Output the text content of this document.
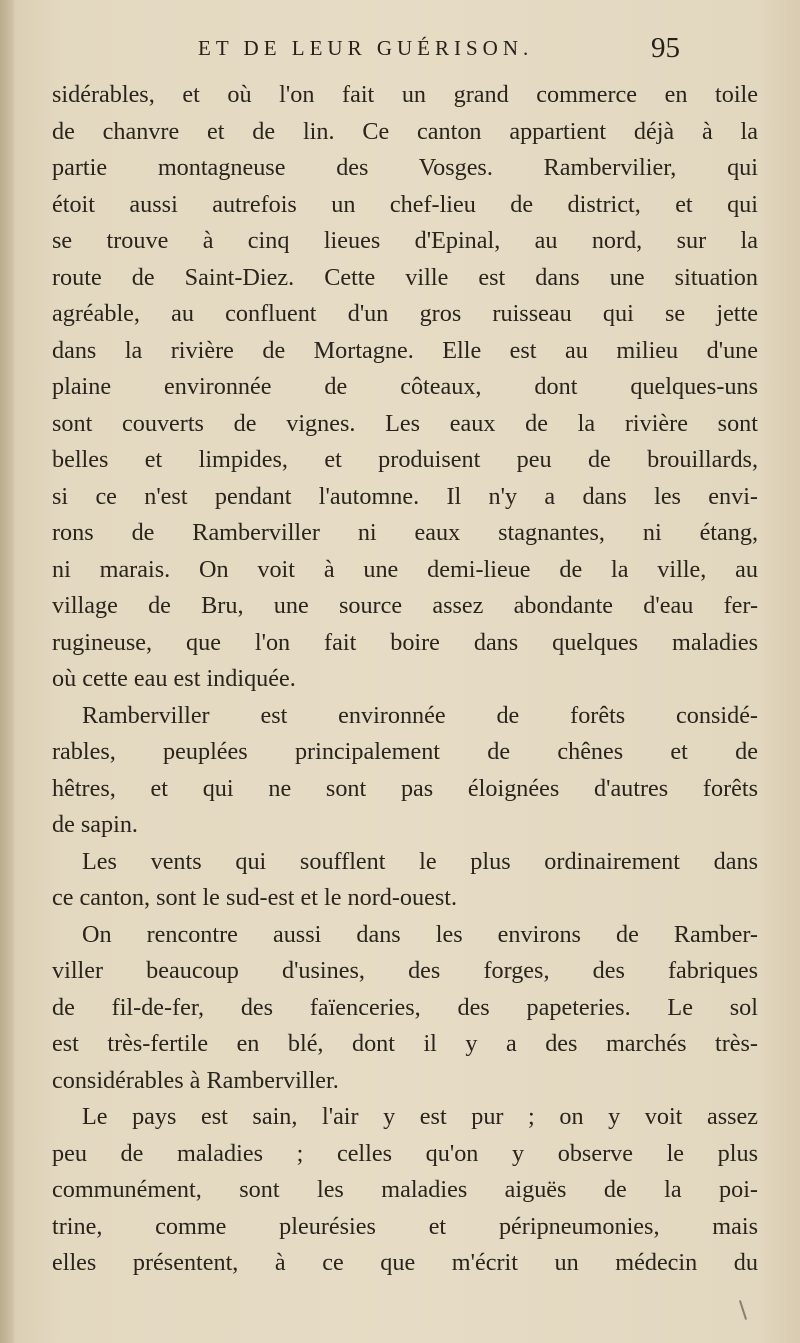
ET DE LEUR GUÉRISON.	95
sidérables, et où l'on fait un grand commerce en toile
de chanvre et de lin. Ce canton appartient déjà à la
partie montagneuse des Vosges. Rambervilier, qui
étoit aussi autrefois un chef-lieu de district, et qui
se trouve à cinq lieues d'Epinal, au nord, sur la
route de Saint-Diez. Cette ville est dans une situation
agréable, au confluent d'un gros ruisseau qui se jette
dans la rivière de Mortagne. Elle est au milieu d'une
plaine environnée de côteaux, dont quelques-uns
sont couverts de vignes. Les eaux de la rivière sont
belles et limpides, et produisent peu de brouillards,
si ce n'est pendant l'automne. Il n'y a dans les envi-
rons de Ramberviller ni eaux stagnantes, ni étang,
ni marais. On voit à une demi-lieue de la ville, au
village de Bru, une source assez abondante d'eau fer-
rugineuse, que l'on fait boire dans quelques maladies
où cette eau est indiquée.
Ramberviller est environnée de forêts considé-
rables, peuplées principalement de chênes et de
hêtres, et qui ne sont pas éloignées d'autres forêts
de sapin.
Les vents qui soufflent le plus ordinairement dans
ce canton, sont le sud-est et le nord-ouest.
On rencontre aussi dans les environs de Ramber-
viller beaucoup d'usines, des forges, des fabriques
de fil-de-fer, des faïenceries, des papeteries. Le sol
est très-fertile en blé, dont il y a des marchés très-
considérables à Ramberviller.
Le pays est sain, l'air y est pur ; on y voit assez
peu de maladies ; celles qu'on y observe le plus
communément, sont les maladies aiguës de la poi-
trine, comme pleurésies et péripneumonies, mais
elles présentent, à ce que m'écrit un médecin du
